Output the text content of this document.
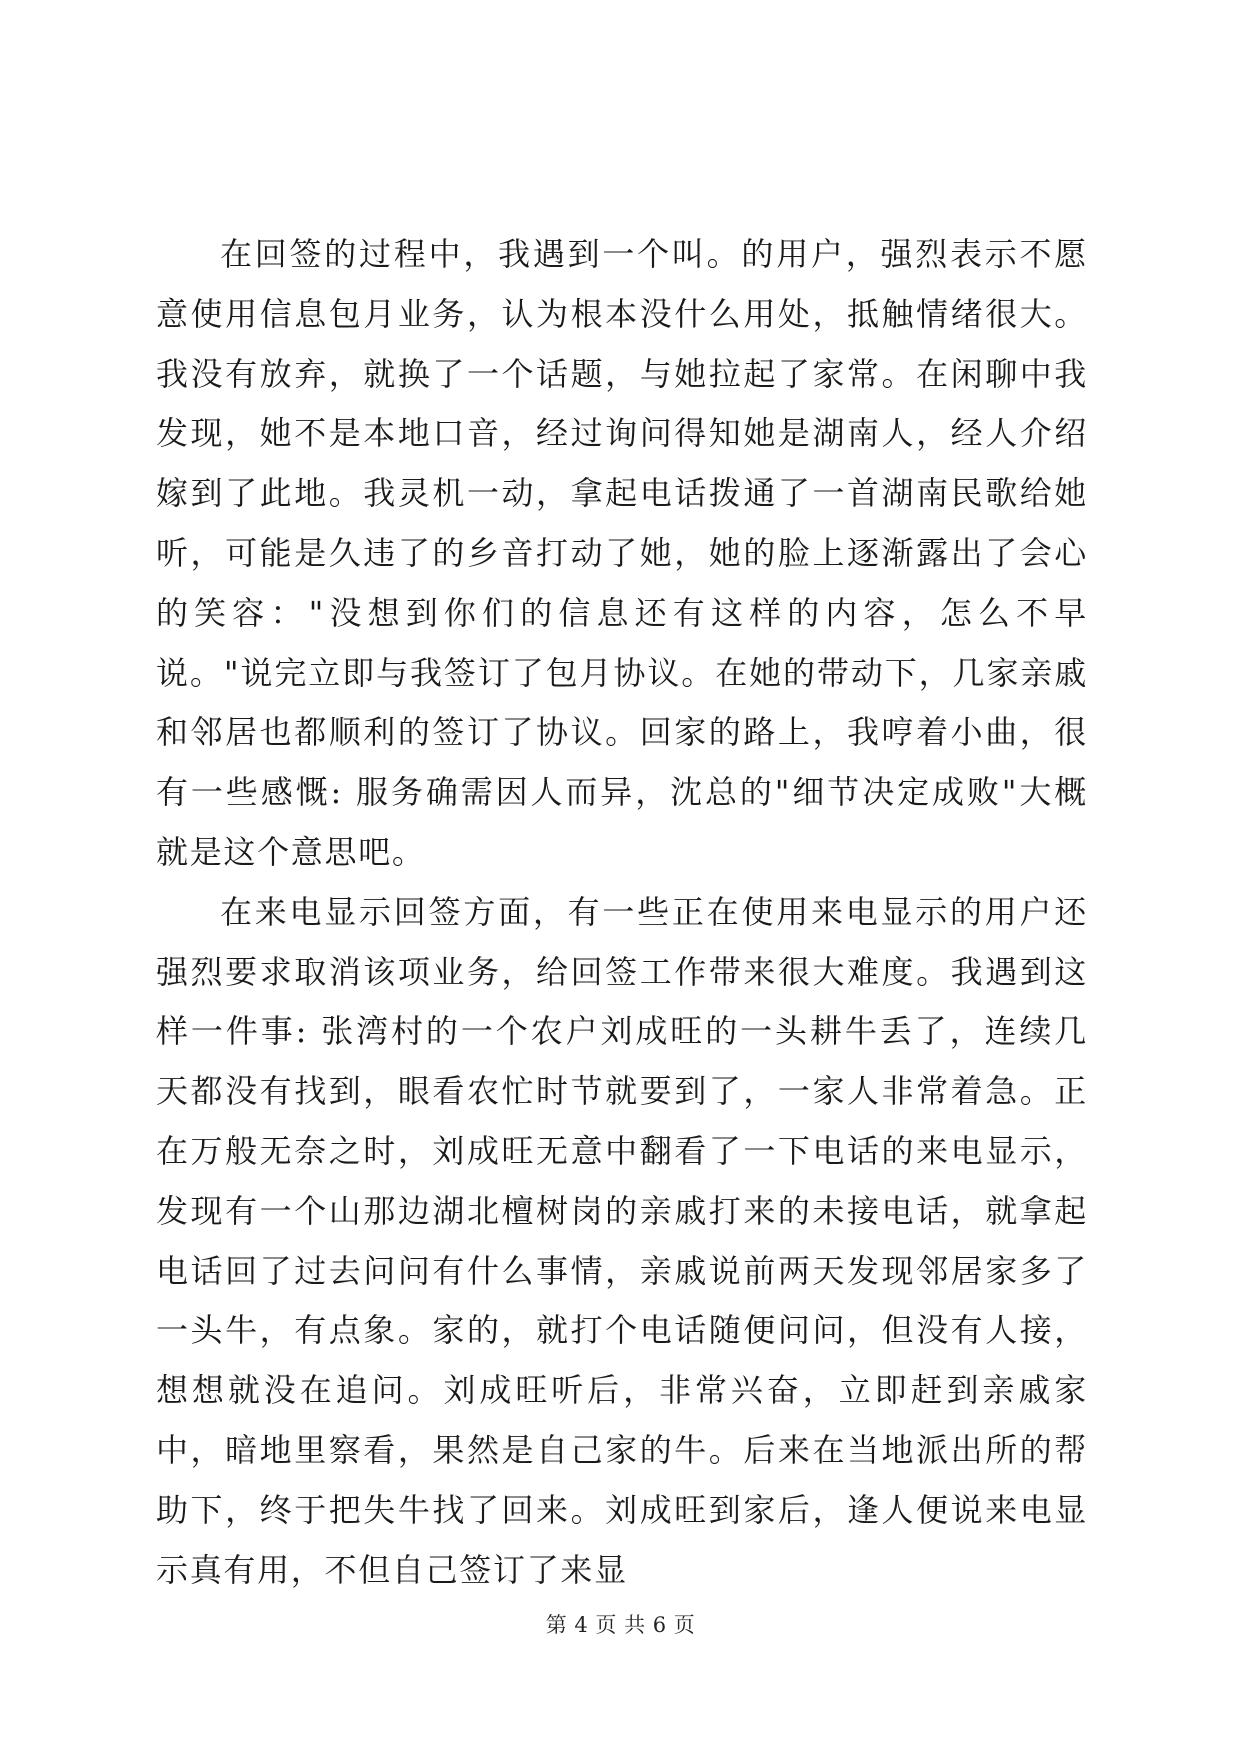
在回签的过程中，我遇到一个叫。的用户，强烈表示不愿意使用信息包月业务，认为根本没什么用处，抵触情绪很大。我没有放弃，就换了一个话题，与她拉起了家常。在闲聊中我发现，她不是本地口音，经过询问得知她是湖南人，经人介绍嫁到了此地。我灵机一动，拿起电话拨通了一首湖南民歌给她听，可能是久违了的乡音打动了她，她的脸上逐渐露出了会心的笑容："没想到你们的信息还有这样的内容，怎么不早说。"说完立即与我签订了包月协议。在她的带动下，几家亲戚和邻居也都顺利的签订了协议。回家的路上，我哼着小曲，很有一些感慨: 服务确需因人而异，沈总的"细节决定成败"大概就是这个意思吧。

在来电显示回签方面，有一些正在使用来电显示的用户还强烈要求取消该项业务，给回签工作带来很大难度。我遇到这样一件事: 张湾村的一个农户刘成旺的一头耕牛丢了，连续几天都没有找到，眼看农忙时节就要到了，一家人非常着急。正在万般无奈之时，刘成旺无意中翻看了一下电话的来电显示，发现有一个山那边湖北檀树岗的亲戚打来的未接电话，就拿起电话回了过去问问有什么事情，亲戚说前两天发现邻居家多了一头牛，有点象。家的，就打个电话随便问问，但没有人接，想想就没在追问。刘成旺听后，非常兴奋，立即赶到亲戚家中，暗地里察看，果然是自己家的牛。后来在当地派出所的帮助下，终于把失牛找了回来。刘成旺到家后，逢人便说来电显示真有用，不但自己签订了来显

第 4 页 共 6 页
